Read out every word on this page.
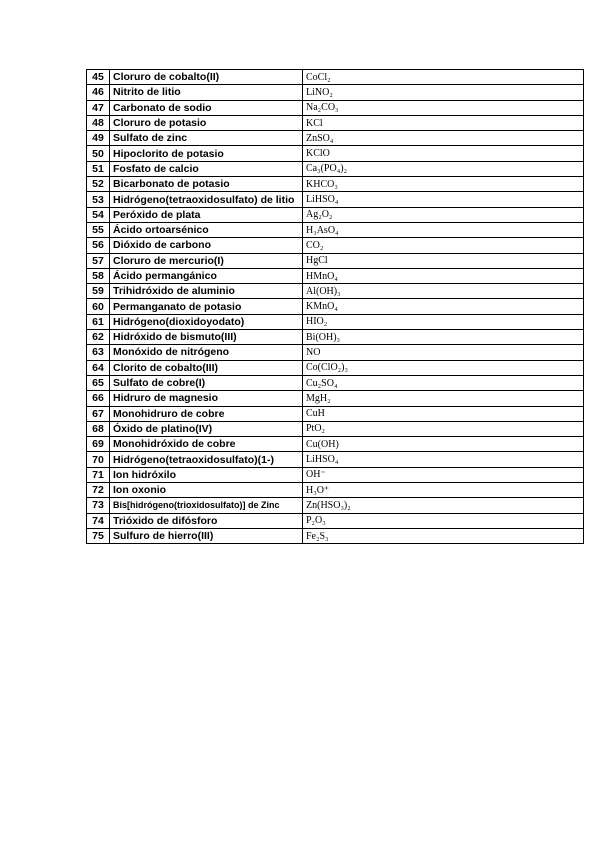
45	Cloruro de cobalto(II)	CoCl₂
46	Nitrito de litio	LiNO₂
47	Carbonato de sodio	Na₂CO₃
48	Cloruro de potasio	KCl
49	Sulfato de zinc	ZnSO₄
50	Hipoclorito de potasio	KClO
51	Fosfato de calcio	Ca₃(PO₄)₂
52	Bicarbonato de potasio	KHCO₃
53	Hidrógeno(tetraoxidosulfato) de litio	LiHSO₄
54	Peróxido de plata	Ag₂O₂
55	Ácido ortoarsénico	H₃AsO₄
56	Dióxido de carbono	CO₂
57	Cloruro de mercurio(I)	HgCl
58	Ácido permangánico	HMnO₄
59	Trihidróxido de aluminio	Al(OH)₃
60	Permanganato de potasio	KMnO₄
61	Hidrógeno(dioxidoyodato)	HIO₂
62	Hidróxido de bismuto(III)	Bi(OH)₃
63	Monóxido de nitrógeno	NO
64	Clorito de cobalto(III)	Co(ClO₂)₃
65	Sulfato de cobre(I)	Cu₂SO₄
66	Hidruro de magnesio	MgH₂
67	Monohidruro de cobre	CuH
68	Óxido de platino(IV)	PtO₂
69	Monohidróxido de cobre	Cu(OH)
70	Hidrógeno(tetraoxidosulfato)(1-)	LiHSO₄
71	Ion hidróxilo	OH⁻
72	Ion oxonio	H₃O⁺
73	Bis[hidrógeno(trioxidosulfato)] de Zinc	Zn(HSO₃)₂
74	Trióxido de difósforo	P₂O₃
75	Sulfuro de hierro(III)	Fe₂S₃
